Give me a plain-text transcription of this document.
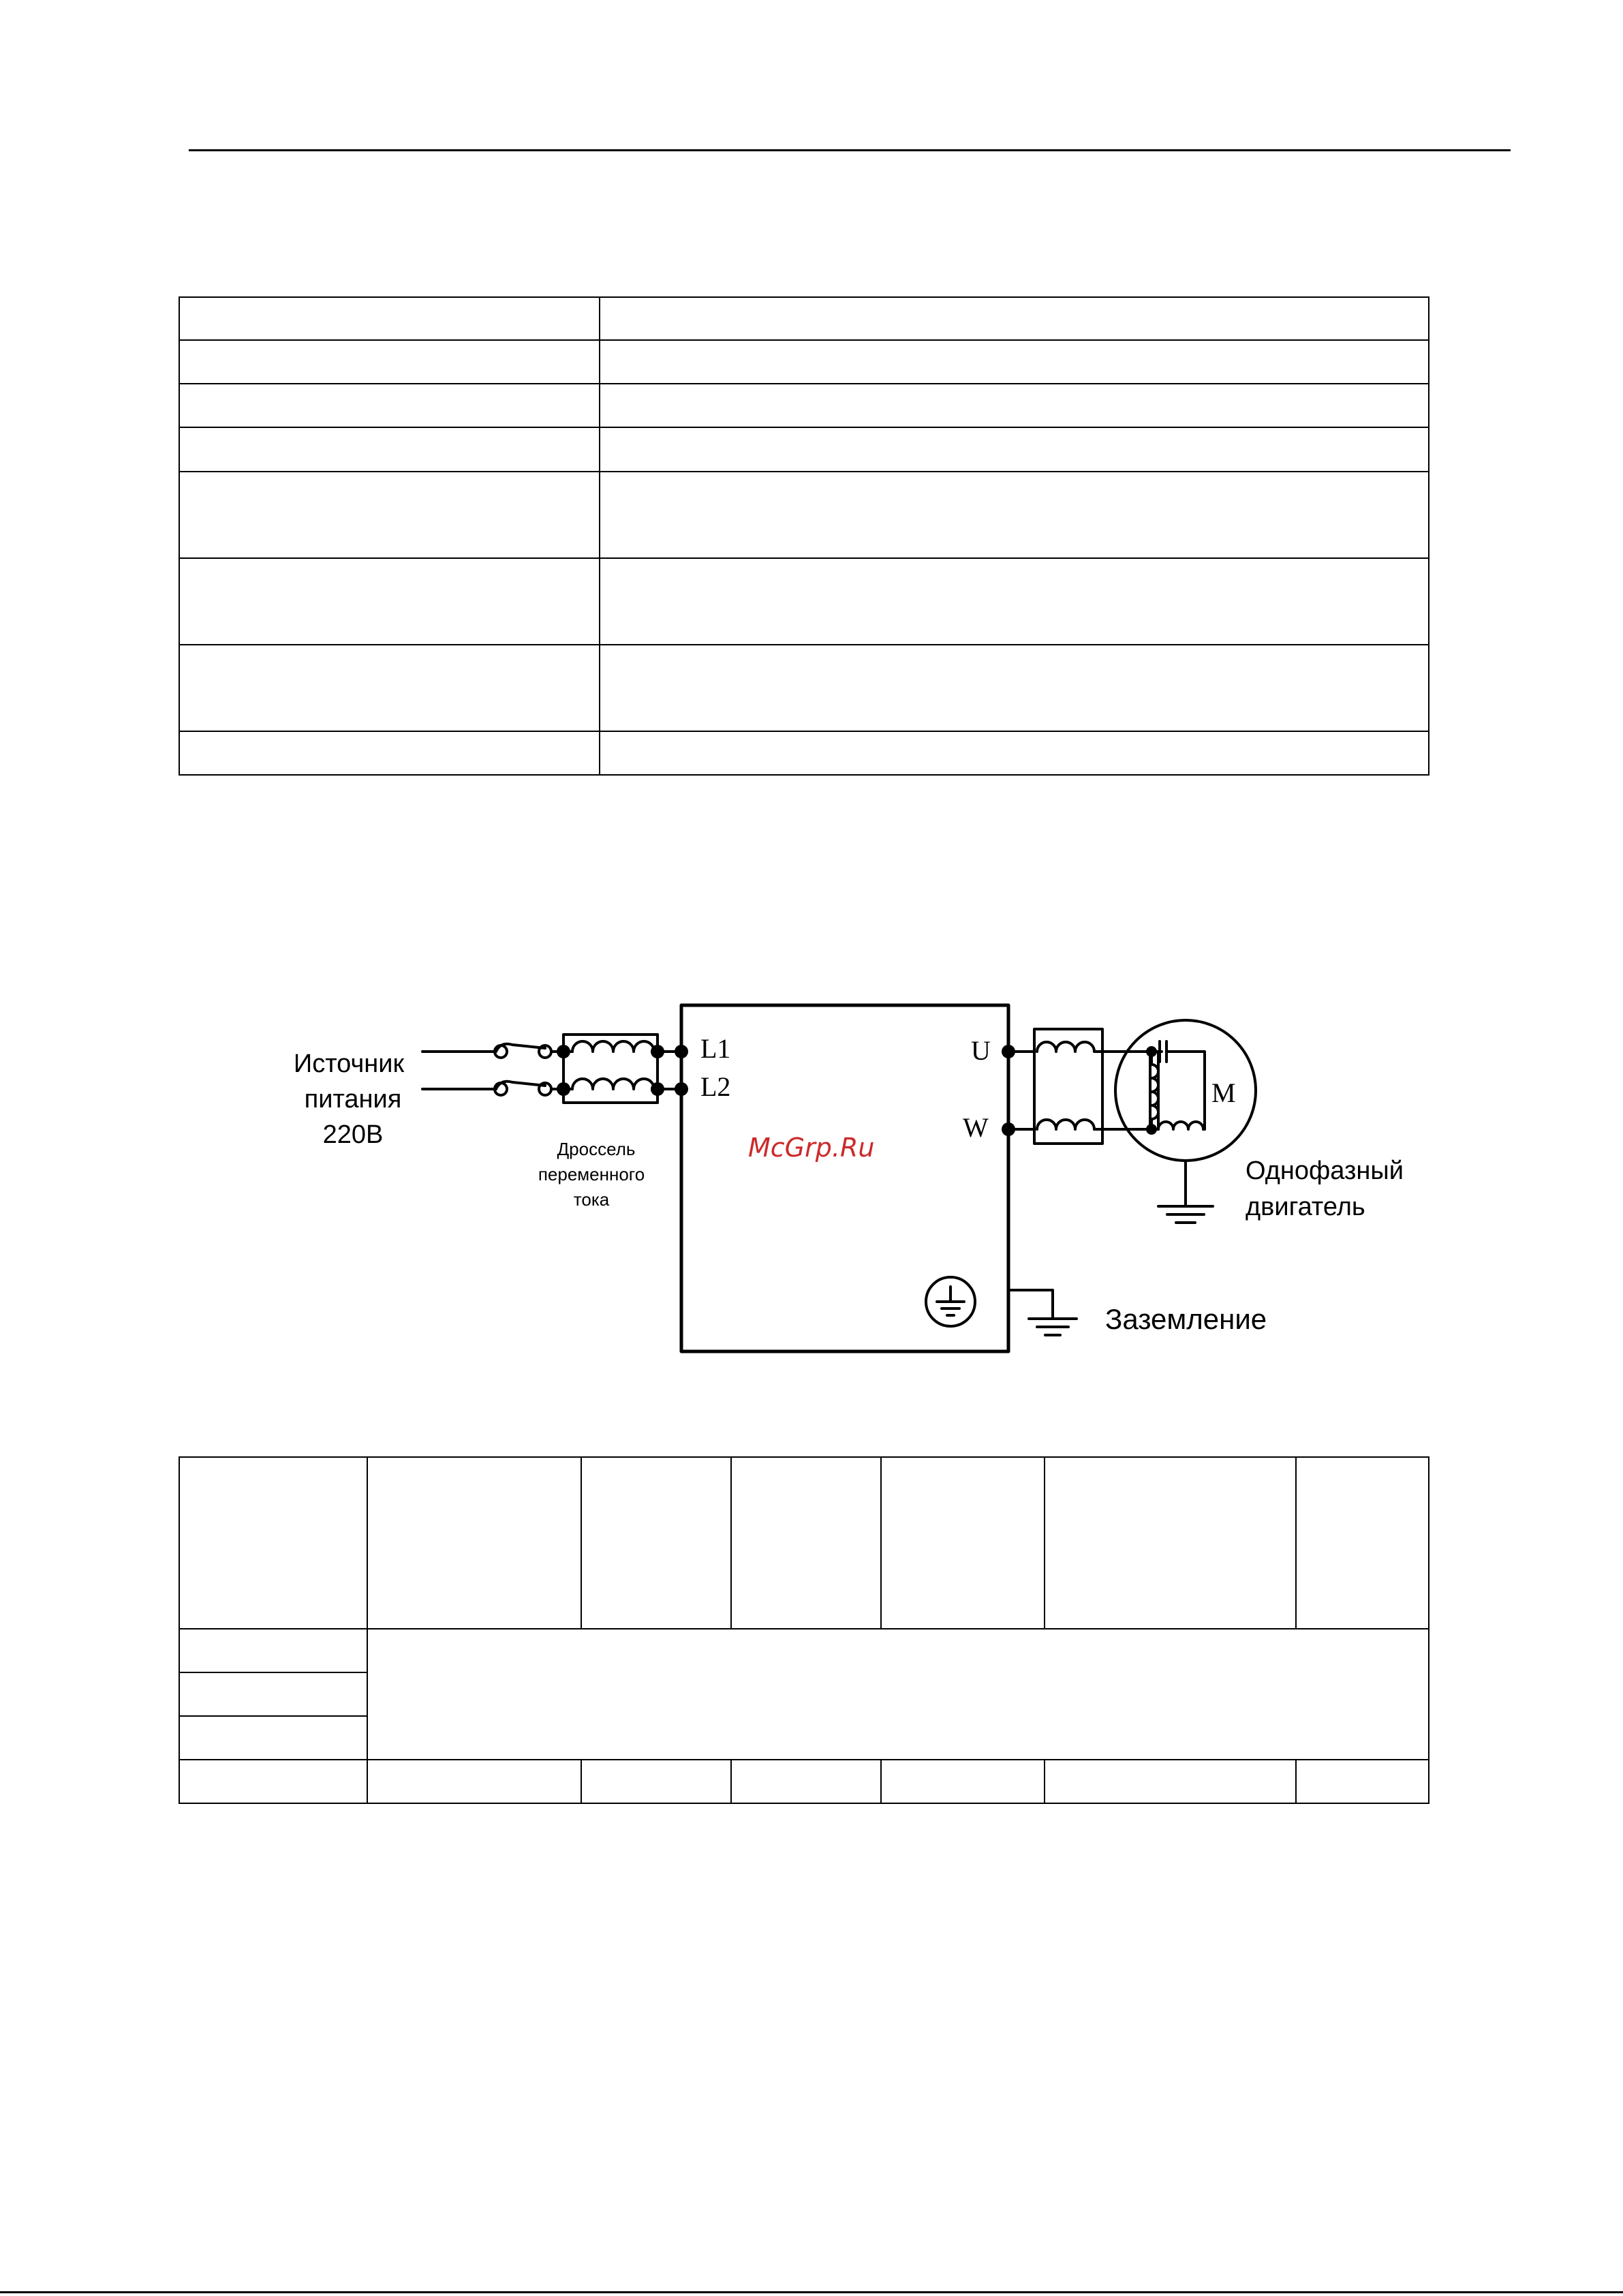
Источник
питания
220В	Дроссель
переменного
тока
L1
L2
U
W
M
Однофазный
двигатель
Заземление
McGrp.Ru
